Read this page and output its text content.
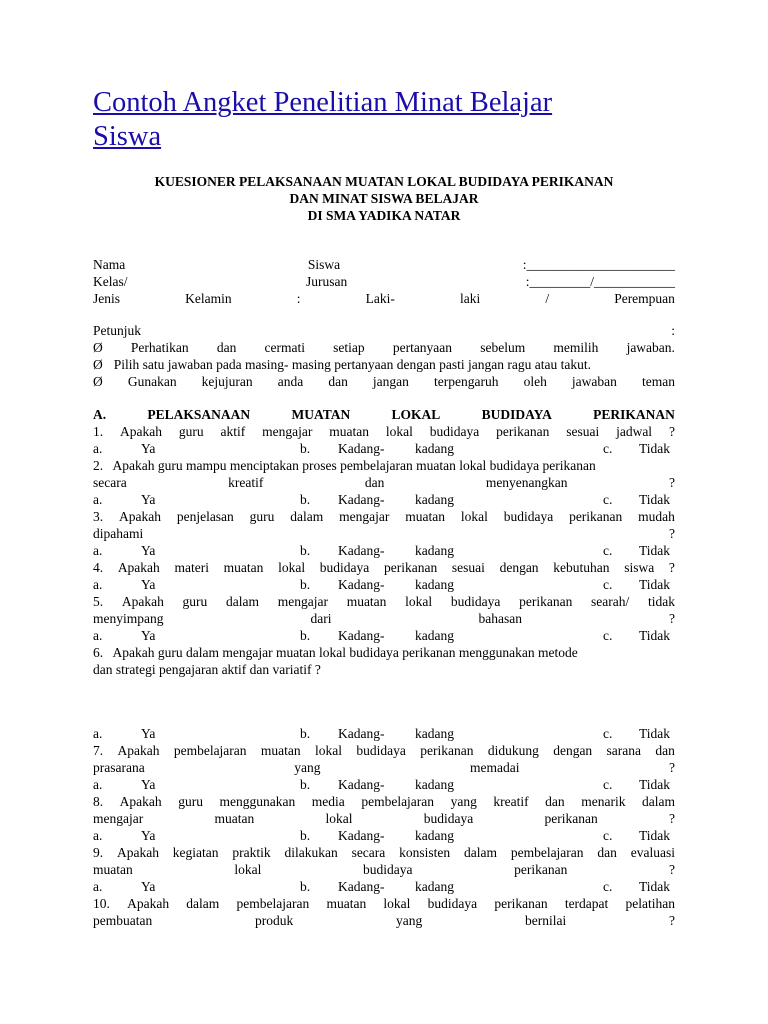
Contoh Angket Penelitian Minat Belajar
Siswa

KUESIONER PELAKSANAAN MUATAN LOKAL BUDIDAYA PERIKANAN

DAN MINAT SISWA BELAJAR

DI SMA YADIKA NATAR

Nama	Siswa	:______________________
Kelas/	Jurusan	:_________/____________
Jenis	Kelamin	:	Laki-	laki	/	Perempuan
Petunjuk	:
Ø Perhatikan dan cermati setiap pertanyaan sebelum memilih jawaban.
Ø Pilih satu jawaban pada masing- masing pertanyaan dengan pasti jangan ragu atau takut.
Ø Gunakan kejujuran anda dan jangan terpengaruh oleh jawaban teman
A.	PELAKSANAAN	MUATAN	LOKAL	BUDIDAYA	PERIKANAN
1. Apakah guru aktif mengajar muatan lokal budidaya perikanan sesuai jadwal ?
a.	Ya	b. Kadang- kadang	c. Tidak
2.   Apakah guru mampu menciptakan proses pembelajaran muatan lokal budidaya perikanan
secara	kreatif	dan	menyenangkan	?
a.	Ya	b. Kadang- kadang	c. Tidak
3. Apakah penjelasan guru dalam mengajar muatan lokal budidaya perikanan mudah
dipahami	?
a.	Ya	b. Kadang- kadang	c. Tidak
4. Apakah materi muatan lokal budidaya perikanan sesuai dengan kebutuhan siswa ?
a.	Ya	b. Kadang- kadang	c. Tidak
5. Apakah guru dalam mengajar muatan lokal budidaya perikanan searah/ tidak
menyimpang	dari	bahasan	?
a.	Ya	b. Kadang- kadang	c. Tidak
6.   Apakah guru dalam mengajar muatan lokal budidaya perikanan menggunakan metode
dan strategi pengajaran aktif dan variatif ?
a.	Ya	b. Kadang- kadang	c. Tidak
7. Apakah pembelajaran muatan lokal budidaya perikanan didukung dengan sarana dan
prasarana	yang	memadai	?
a.	Ya	b. Kadang- kadang	c. Tidak
8. Apakah guru menggunakan media pembelajaran yang kreatif dan menarik dalam
mengajar	muatan	lokal	budidaya	perikanan	?
a.	Ya	b. Kadang- kadang	c. Tidak
9. Apakah kegiatan praktik dilakukan secara konsisten dalam pembelajaran dan evaluasi
muatan	lokal	budidaya	perikanan	?
a.	Ya	b. Kadang- kadang	c. Tidak
10. Apakah dalam pembelajaran muatan lokal budidaya perikanan terdapat pelatihan
pembuatan	produk	yang	bernilai	?
